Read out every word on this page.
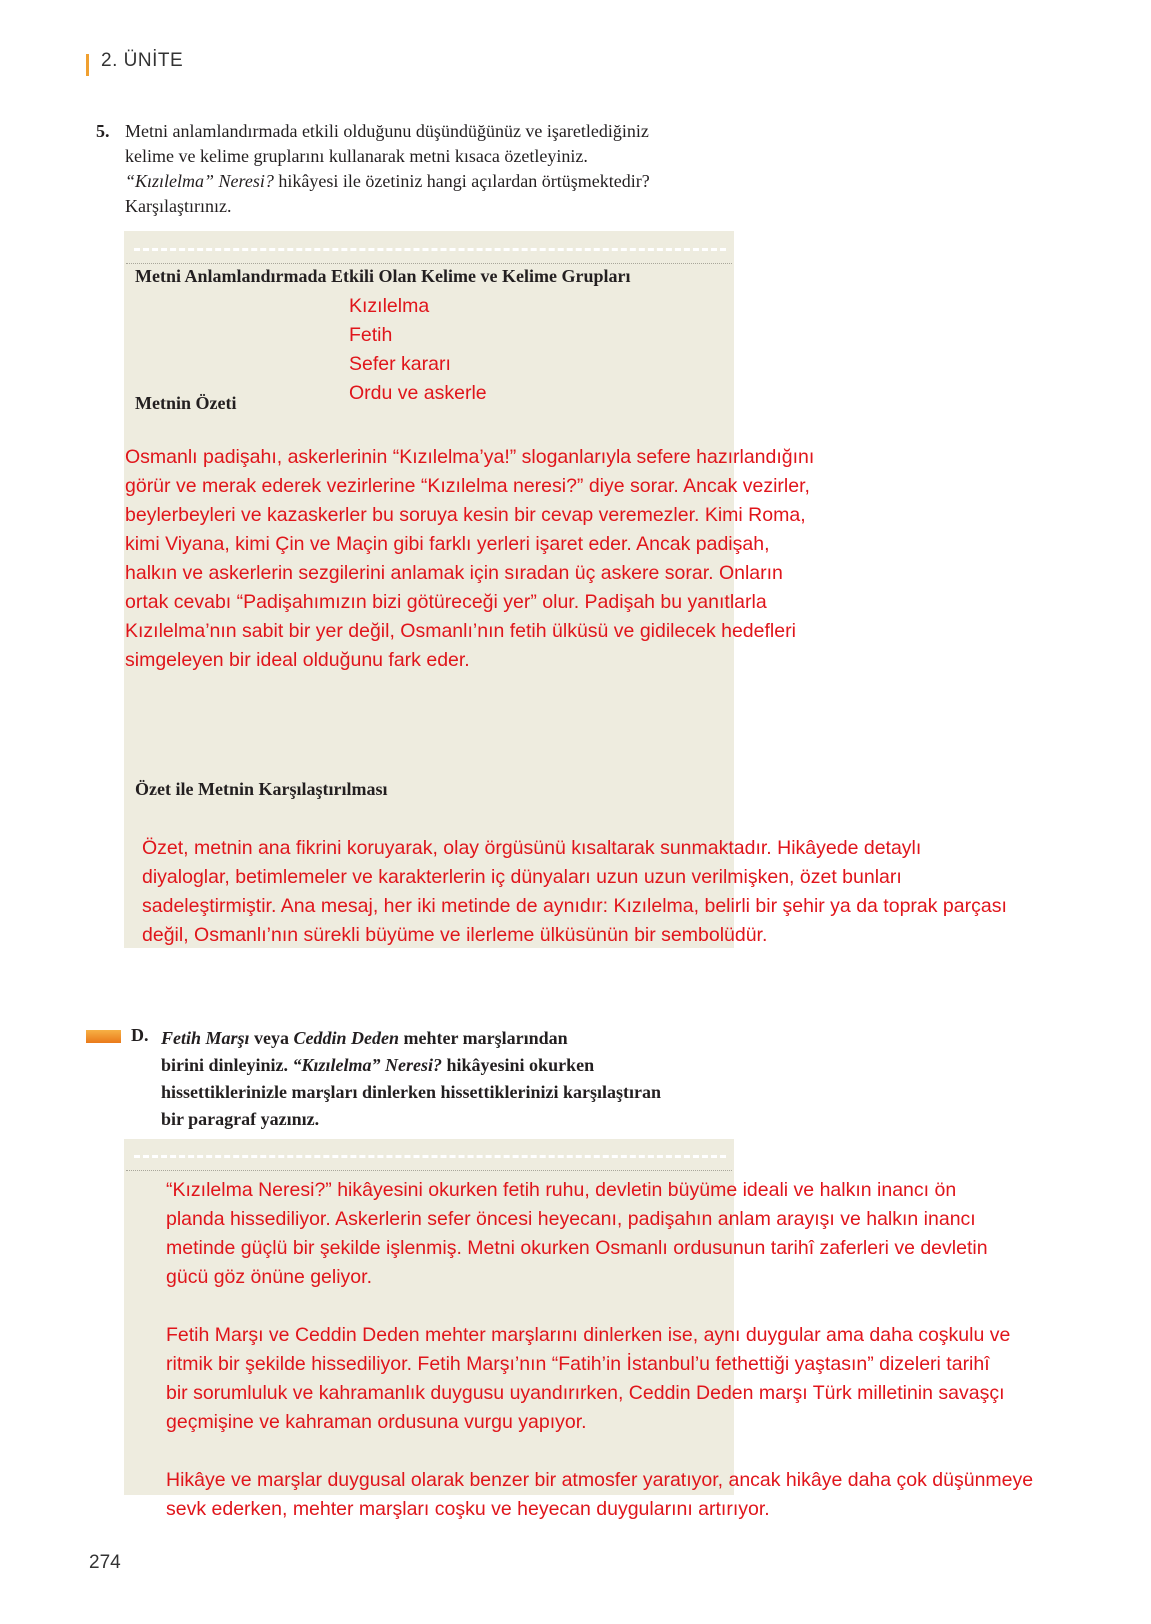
2. ÜNİTE
5. Metni anlamlandırmada etkili olduğunu düşündüğünüz ve işaretlediğiniz
kelime ve kelime gruplarını kullanarak metni kısaca özetleyiniz.
“Kızılelma” Neresi? hikâyesi ile özetiniz hangi açılardan örtüşmektedir?
Karşılaştırınız.
Metni Anlamlandırmada Etkili Olan Kelime ve Kelime Grupları
Kızılelma
Fetih
Sefer kararı
Ordu ve askerle
Metnin Özeti
Osmanlı padişahı, askerlerinin “Kızılelma’ya!” sloganlarıyla sefere hazırlandığını
görür ve merak ederek vezirlerine “Kızılelma neresi?” diye sorar. Ancak vezirler,
beylerbeyleri ve kazaskerler bu soruya kesin bir cevap veremezler. Kimi Roma,
kimi Viyana, kimi Çin ve Maçin gibi farklı yerleri işaret eder. Ancak padişah,
halkın ve askerlerin sezgilerini anlamak için sıradan üç askere sorar. Onların
ortak cevabı “Padişahımızın bizi götüreceği yer” olur. Padişah bu yanıtlarla
Kızılelma’nın sabit bir yer değil, Osmanlı’nın fetih ülküsü ve gidilecek hedefleri
simgeleyen bir ideal olduğunu fark eder.
Özet ile Metnin Karşılaştırılması
Özet, metnin ana fikrini koruyarak, olay örgüsünü kısaltarak sunmaktadır. Hikâyede detaylı
diyaloglar, betimlemeler ve karakterlerin iç dünyaları uzun uzun verilmişken, özet bunları
sadeleştirmiştir. Ana mesaj, her iki metinde de aynıdır: Kızılelma, belirli bir şehir ya da toprak parçası
değil, Osmanlı’nın sürekli büyüme ve ilerleme ülküsünün bir sembolüdür.
D. Fetih Marşı veya Ceddin Deden mehter marşlarından
birini dinleyiniz. “Kızılelma” Neresi? hikâyesini okurken
hissettiklerinizle marşları dinlerken hissettiklerinizi karşılaştıran
bir paragraf yazınız.
“Kızılelma Neresi?” hikâyesini okurken fetih ruhu, devletin büyüme ideali ve halkın inancı ön
planda hissediliyor. Askerlerin sefer öncesi heyecanı, padişahın anlam arayışı ve halkın inancı
metinde güçlü bir şekilde işlenmiş. Metni okurken Osmanlı ordusunun tarihî zaferleri ve devletin
gücü göz önüne geliyor.
Fetih Marşı ve Ceddin Deden mehter marşlarını dinlerken ise, aynı duygular ama daha coşkulu ve
ritmik bir şekilde hissediliyor. Fetih Marşı’nın “Fatih’in İstanbul’u fethettiği yaştasın” dizeleri tarihî
bir sorumluluk ve kahramanlık duygusu uyandırırken, Ceddin Deden marşı Türk milletinin savaşçı
geçmişine ve kahraman ordusuna vurgu yapıyor.
Hikâye ve marşlar duygusal olarak benzer bir atmosfer yaratıyor, ancak hikâye daha çok düşünmeye
sevk ederken, mehter marşları coşku ve heyecan duygularını artırıyor.
274
